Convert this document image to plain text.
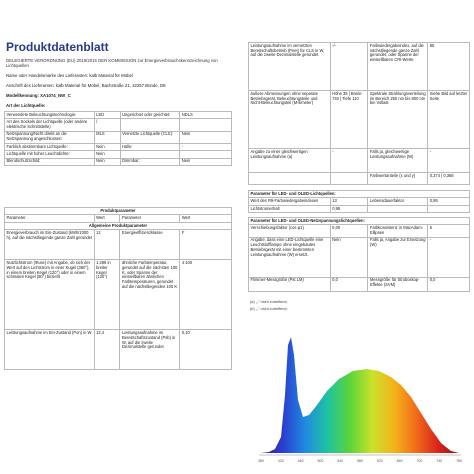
Produktdatenblatt
DELEGIERTE VERORDNUNG (EU) 2019/2015 DER KOMMISSION zur Energieverbrauchskennzeichnung von Lichtquellen
Name oder Handelsmarke des Lieferanten: kalb Material für Möbel
Anschrift des Lieferanten: kalb Material für Möbel, Bachstraße 21, 32257 Bünde, DE
Modellkennung: XA1074_NW_C
Art der Lichtquelle:
Verwendete Beleuchtungstechnologie:	LED	Ungerichtet oder gerichtet:	NDLS
Art des Sockels der Lichtquelle (oder andere elektrische Schnittstelle)	/		
Netzspannung/Nicht direkt an die Netzspannung angeschlossen:	MLS	Vernetzte Lichtquelle (CLS):	Nein
Farblich abstimmbare Lichtquelle:	Nein	Hülle:	-
Lichtquelle mit hoher Leuchtdichte:	Nein		
Blendschutzschild:	Nein	Dimmbar:	Nein
Produktparameter			
Parameter	Wert	Parameter	Wert
Allgemeine Produktparameter			
Energieverbrauch im Ein-Zustand (kWh/1000 h), auf die nächstliegende ganze Zahl gerundet	12	Energieeffizienzklasse	F
Nutzlichtstrom (Φuse) mit Angabe, ob sich der Wert auf den Lichtstrom in einer Kugel (360°), in einem breiten Kegel (120°) oder in einem schmalen Kegel (90°) bezieht	1 289 in breiter Kegel (120°)	ähnliche Farbtemperatur, gerundet auf die nächsten 100 K, oder Spanne der einstellbaren ähnlichen Farbtemperaturen, gerundet auf die nächstliegenden 100 K	4 100
Leistungsaufnahme im Ein-Zustand (Pon) in W	12,4	Leistungsaufnahme im Bereitschaftszustand (Psb) in W, auf die zweite Dezimalstelle gerundet	0,10
Leistungsaufnahme im vernetzten Bereitschaftsbetrieb (Pnet) für CLS in W, auf die zweite Dezimalstelle gerundet	-/-	Farbwiedergabeindex, auf die nächstliegende ganze Zahl gerundet, oder Spanne der einstellbaren CRI-Werte	85
äußere Abmessungen ohne separate Betriebsgerät, Beleuchtungsteile und Nicht-Beleuchtungsteil (M-ilimeter)	Höhe 35 | Breite 740 | Tiefe 110	Spektrale Strahlungsverteilung im Bereich 250 nm bis 800 nm bei Vollast	Siehe Bild auf letzter Seite
Angabe zu einer gleichwertigen Leistungsaufnahme (a)	-	Falls ja, gleichwertige Leistungsaufnahme (W)	-
		Farbwertanteile (x und y)	0,374 | 0,368
Parameter für LED- und OLED-Lichtquellen:			
Wert des R9-Farbwiedergabeindexes	13	Lebensdauerfaktor	0,95
Lichtstromerhalt	0,95		
Parameter für LED- und OLED-Netzspannungslichtquellen:			
Verschiebungsfaktor (cos φ1)	0,00	Farbkonsistenz in MacAdam-Ellipsen	6
Angabe, dass eine LED-Lichtquelle eine Leuchtstofflampe ohne eingebautes Betriebsgerät mit einer bestimmten Leistungsaufnahme (W) ersetzt.	Nein	Falls ja, Angabe zur Ersetzung (W)	-
Flimmer-Messgröße (Pst LM)	0,0	Messgröße für Stroboskop-Effekte (SVM)	0,0
(a) „-" nicht zutreffend;
(b) „-" nicht zutreffend;
380	420	460	500	540	580	620	660	700	740	780
